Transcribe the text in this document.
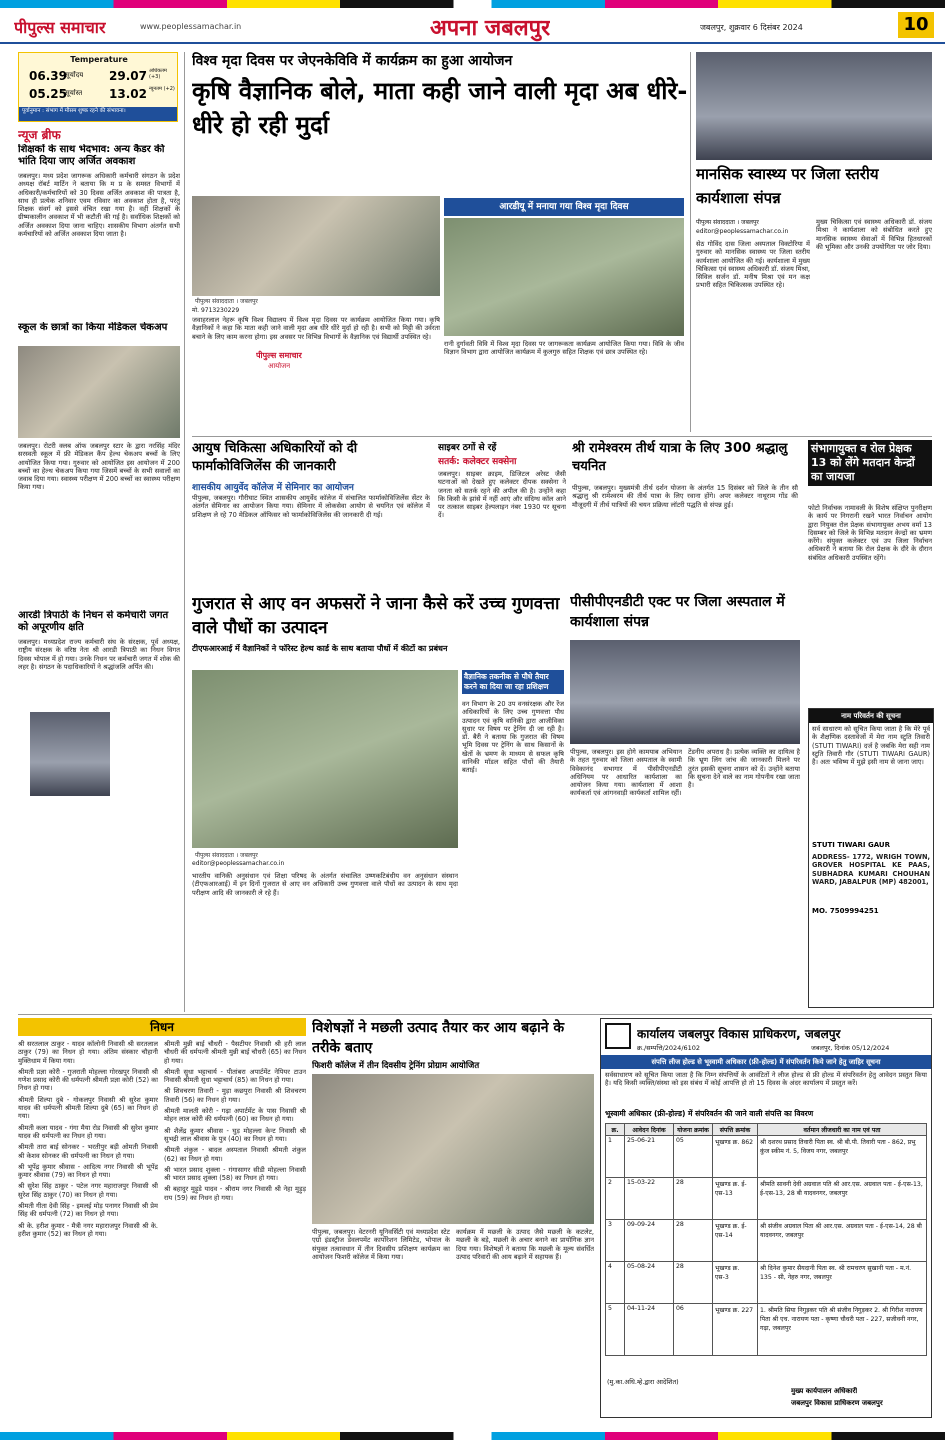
पीपुल्स समाचार	www.peoplessamachar.in	अपना जबलपुर	जबलपुर, शुक्रवार 6 दिसंबर 2024	10
Temperature
06.39
सूर्योदय 29.07 अधिकतम (+3)
05.25
सूर्यास्त 13.02 न्यूनतम (+2)
पूर्वानुमान : संभाग में मौसम शुष्क रहने की संभावना।
न्यूज ब्रीफ
शिक्षकों के साथ भेदभाव: अन्य कैडर की भांति दिया जाए अर्जित अवकाश
जबलपुर। मध्य प्रदेश जागरूक अधिकारी कर्मचारी संगठन के प्रदेश अध्यक्ष रॉबर्ट मार्टिन ने बताया कि म प्र के समस्त विभागों में अधिकारी/कर्मचारियों को 30 दिवस अर्जित अवकाश की पात्रता है, साथ ही प्रत्येक शनिवार एवम रविवार का अवकाश होता है, परंतु शिक्षक संवर्ग को इससे वंचित रखा गया है। वहीं शिक्षकों के ग्रीष्मकालीन अवकाश में भी कटौती की गई है। सर्वाधिक शिक्षकों को अर्जित अवकाश दिया जाना चाहिए। शासकीय विभाग अंतर्गत सभी कर्मचारियों को अर्जित अवकाश दिया जाता है।
स्कूल के छात्रों का किया मेडिकल चेकअप
जबलपुर। रोटरी क्लब ऑफ जबलपुर स्टार के द्वारा नरसिंह मंदिर सरस्वती स्कूल में फ्री मेडिकल कैंप हेल्थ चेकअप बच्चों के लिए आयोजित किया गया। गुरुवार को आयोजित इस आयोजन में 200 बच्चों का हेल्थ चेकअप किया गया जिसमें बच्चों के सभी सवालों का जवाब दिया गया। स्वास्थ्य परीक्षण में 200 बच्चों का स्वास्थ्य परीक्षण किया गया।
आरडी त्रिपाठी के निधन से कर्मचारी जगत को अपूरणीय क्षति
जबलपुर। मध्यप्रदेश राज्य कर्मचारी संघ के संरक्षक, पूर्व अध्यक्ष, राष्ट्रीय संरक्षक के वरिष्ठ नेता श्री आरडी त्रिपाठी का निधन विगत दिवस भोपाल में हो गया। उनके निधन पर कर्मचारी जगत में शोक की लहर है। संगठन के पदाधिकारियों ने श्रद्धांजलि अर्पित की।
विश्व मृदा दिवस पर जेएनकेविवि में कार्यक्रम का हुआ आयोजन
कृषि वैज्ञानिक बोले, माता कही जाने वाली मृदा अब धीरे-धीरे हो रही मुर्दा
पीपुल्स संवाददाता । जबलपुर
आरडीयू में मनाया गया विश्व मृदा दिवस
मो. 9713230229
जवाहरलाल नेहरू कृषि विश्व विद्यालय में विश्व मृदा दिवस पर कार्यक्रम आयोजित किया गया। कृषि वैज्ञानिकों ने कहा कि माता कही जाने वाली मृदा अब धीरे धीरे मुर्दा हो रही है। सभी को मिट्टी की उर्वरता बचाने के लिए काम करना होगा। इस अवसर पर विभिन्न विभागों के वैज्ञानिक एवं विद्यार्थी उपस्थित रहे।
पीपुल्स समाचार
आयोजन
रानी दुर्गावती विवि में विश्व मृदा दिवस पर जागरूकता कार्यक्रम आयोजित किया गया। विवि के जीव विज्ञान विभाग द्वारा आयोजित कार्यक्रम में कुलगुरु सहित शिक्षक एवं छात्र उपस्थित रहे।
मानसिक स्वास्थ्य पर जिला स्तरीय कार्यशाला संपन्न
पीपुल्स संवाददाता । जबलपुर
editor@peoplessamachar.co.in
सेठ गोविंद दास जिला अस्पताल विक्टोरिया में गुरुवार को मानसिक स्वास्थ्य पर जिला स्तरीय कार्यशाला आयोजित की गई। कार्यशाला में मुख्य चिकित्सा एवं स्वास्थ्य अधिकारी डॉ. संजय मिश्रा, सिविल सर्जन डॉ. मनीष मिश्रा एवं मन कक्ष प्रभारी सहित चिकित्सक उपस्थित रहे।
मुख्य चिकित्सा एवं स्वास्थ्य अधिकारी डॉ. संजय मिश्रा ने कार्यशाला को संबोधित करते हुए मानसिक स्वास्थ्य सेवाओं में विभिन्न हितधारकों की भूमिका और उनकी उपयोगिता पर जोर दिया।
आयुष चिकित्सा अधिकारियों को दी फार्माकोविजिलेंस की जानकारी
शासकीय आयुर्वेद कॉलेज में सेमिनार का आयोजन
पीपुल्स, जबलपुर। गौरीघाट स्थित शासकीय आयुर्वेद कॉलेज में संचालित फार्माकोविजिलेंस सेंटर के अंतर्गत सेमिनार का आयोजन किया गया। सेमिनार में लोकसेवा आयोग से चयनित एवं कॉलेज में प्रशिक्षण ले रहे 70 मेडिकल ऑफिसर को फार्माकोविजिलेंस की जानकारी दी गई।
साइबर ठगों से रहें
सतर्क: कलेक्टर सक्सेना
जबलपुर। साइबर क्राइम, डिजिटल अरेस्ट जैसी घटनाओं को देखते हुए कलेक्टर दीपक सक्सेना ने जनता को सतर्क रहने की अपील की है। उन्होंने कहा कि किसी के झांसे में नहीं आएं और संदिग्ध कॉल आने पर तत्काल साइबर हेल्पलाइन नंबर 1930 पर सूचना दें।
श्री रामेश्वरम तीर्थ यात्रा के लिए 300 श्रद्धालु चयनित
पीपुल्स, जबलपुर। मुख्यमंत्री तीर्थ दर्शन योजना के अंतर्गत 15 दिसंबर को जिले के तीन सौ श्रद्धालु श्री रामेश्वरम की तीर्थ यात्रा के लिए रवाना होंगे। अपर कलेक्टर नाथूराम गोंड की मौजूदगी में तीर्थ यात्रियों की चयन प्रक्रिया लॉटरी पद्धति से संपन्न हुई।
संभागायुक्त व रोल प्रेक्षक 13 को लेंगे मतदान केन्द्रों का जायजा
फोटो निर्वाचक नामावली के विशेष संक्षिप्त पुनरीक्षण के कार्य पर निगरानी रखने भारत निर्वाचन आयोग द्वारा नियुक्त रोल प्रेक्षक संभागायुक्त अभय वर्मा 13 दिसम्बर को जिले के विभिन्न मतदान केन्द्रों का भ्रमण करेंगे। संयुक्त कलेक्टर एवं उप जिला निर्वाचन अधिकारी ने बताया कि रोल प्रेक्षक के दौरे के दौरान संबंधित अधिकारी उपस्थित रहेंगे।
नाम परिवर्तन की सूचना
सर्व साधारण को सूचित किया जाता है कि मेरे पूर्व के शैक्षणिक दस्तावेजों में मेरा नाम स्टुति तिवारी (STUTI TIWARI) दर्ज है जबकि मेरा सही नाम स्टुति तिवारी गौर (STUTI TIWARI GAUR) है। अतः भविष्य में मुझे इसी नाम से जाना जाए।
STUTI TIWARI GAUR
ADDRESS- 1772, WRIGH TOWN, GROVER HOSPITAL KE PAAS, SUBHADRA KUMARI CHOUHAN WARD, JABALPUR (MP) 482001,
MO. 7509994251
गुजरात से आए वन अफसरों ने जाना कैसे करें उच्च गुणवत्ता वाले पौधों का उत्पादन
टीएफआरआई में वैज्ञानिकों ने फॉरेस्ट हेल्थ कार्ड के साथ बताया पौधों में कीटों का प्रबंधन
पीपुल्स संवाददाता । जबलपुर
editor@peoplessamachar.co.in
वैज्ञानिक तकनीक से पौधे तैयार करने का दिया जा रहा प्रशिक्षण
वन विभाग के 20 उप वनसंरक्षक और रेंज अधिकारियों के लिए उच्च गुणवत्ता पौध उत्पादन एवं कृषि वानिकी द्वारा आजीविका सुधार पर विषय पर ट्रेनिंग दी जा रही है। डॉ. बैरी ने बताया कि गुजरात की विषम भूमि दिवस पर ट्रेनिंग के साथ किसानों के खेतों के भ्रमण के माध्यम से सफल कृषि वानिकी मॉडल सहित पौधों की तैयारी बताई।
भारतीय वानिकी अनुसंधान एवं शिक्षा परिषद के अंतर्गत संचालित उष्णकटिबंधीय वन अनुसंधान संस्थान (टीएफआरआई) में इन दिनों गुजरात से आए वन अधिकारी उच्च गुणवत्ता वाले पौधों का उत्पादन के साथ मृदा परीक्षण आदि की जानकारी ले रहे हैं।
पीसीपीएनडीटी एक्ट पर जिला अस्पताल में कार्यशाला संपन्न
पीपुल्स, जबलपुर। इस होगे कामयाब अभियान के तहत गुरुवार को जिला अस्पताल के स्वामी विवेकानंद सभागार में पीसीपीएनडीटी अधिनियम पर आधारित कार्यशाला का आयोजन किया गया। कार्यशाला में आशा कार्यकर्ता एवं आंगनवाड़ी कार्यकर्ता शामिल रहीं।
टेंडनीय अपराध है। प्रत्येक व्यक्ति का दायित्व है कि भ्रूण लिंग जांच की जानकारी मिलने पर तुरंत इसकी सूचना शासन को दें। उन्होंने बताया कि सूचना देने वाले का नाम गोपनीय रखा जाता है।
निधन
श्री सरतलाल ठाकुर - यादव कॉलोनी निवासी श्री सरतलाल ठाकुर (79) का निधन हो गया। अंतिम संस्कार चौहानी मुक्तिधाम में किया गया।
श्रीमती प्रज्ञा कोरी - गुजराती मोहल्ला गोरखपुर निवासी श्री गणेश प्रसाद कोरी की धर्मपत्नी श्रीमती प्रज्ञा कोरी (52) का निधन हो गया।
श्रीमती शिल्पा दुबे - गोकलपुर निवासी श्री सुरेश कुमार यादव की धर्मपत्नी श्रीमती शिल्पा दुबे (65) का निधन हो गया।
श्रीमती कला यादव - गंगा मैया रोड निवासी श्री सुरेश कुमार यादव की धर्मपत्नी का निधन हो गया।
श्रीमती तारा बाई सोनकर - भरतीपुर बड़ी ओमती निवासी श्री केशव सोनकर की धर्मपत्नी का निधन हो गया।
श्री भूपेंद्र कुमार श्रीवास - आदित्य नगर निवासी श्री भूपेंद्र कुमार श्रीवास (79) का निधन हो गया।
श्री सुरेश सिंह ठाकुर - पटेल नगर महाराजपुर निवासी श्री सुरेश सिंह ठाकुर (70) का निधन हो गया।
श्रीमती गीता देवी सिंह - इमलई मोड़ पनागर निवासी श्री प्रेम सिंह की धर्मपत्नी (72) का निधन हो गया।
श्री के. हरीश कुमार - मैत्री नगर महाराजपुर निवासी श्री के. हरीश कुमार (52) का निधन हो गया।
श्रीमती मुन्नी बाई चौधरी - पैसटीयर निवासी श्री हरी लाल चौधरी की धर्मपत्नी श्रीमती मुन्नी बाई चौधरी (65) का निधन हो गया।
श्रीमती सुधा भट्टाचार्य - पीतांबरा अपार्टमेंट नेपियर टाउन निवासी श्रीमती सुधा भट्टाचार्य (85) का निधन हो गया।
श्री शिवचरण तिवारी - मुड़ा कछपुरा निवासी श्री शिवचरण तिवारी (56) का निधन हो गया।
श्रीमती मालती कोरी - गढ़ा अपार्टमेंट के पास निवासी श्री मोहन लाल कोरी की धर्मपत्नी (60) का निधन हो गया।
श्री शैलेंद्र कुमार श्रीवास - घुड़ मोहल्ला केन्ट निवासी श्री सुभद्री लाल श्रीवास के पुत्र (40) का निधन हो गया।
श्रीमती शंकुल - बादल अस्पताल निवासी श्रीमती शंकुल (62) का निधन हो गया।
श्री भारत प्रसाद शुक्ला - गंगासागर सीडी मोहल्ला निवासी श्री भारत प्रसाद शुक्ला (58) का निधन हो गया।
श्री बहादुर मुड़ुडे यादव - श्रीराम नगर निवासी श्री नेहा मुड़ुड़ राय (59) का निधन हो गया।
विशेषज्ञों ने मछली उत्पाद तैयार कर आय बढ़ाने के तरीके बताए
फिशरी कॉलेज में तीन दिवसीय ट्रेनिंग प्रोग्राम आयोजित
पीपुल्स, जबलपुर। वेटरनरी यूनिवर्सिटी एवं मध्यप्रदेश स्टेट एग्रो इंडस्ट्रीज डेवलपमेंट कार्पोरेशन लिमिटेड, भोपाल के संयुक्त तत्वावधान में तीन दिवसीय प्रशिक्षण कार्यक्रम का आयोजन फिशरी कॉलेज में किया गया।
कार्यक्रम में मछली के उत्पाद जैसे मछली के कटलेट, मछली के बड़े, मछली के अचार बनाने का प्रायोगिक ज्ञान दिया गया। विशेषज्ञों ने बताया कि मछली के मूल्य संवर्धित उत्पाद परिवारों की आय बढ़ाने में सहायक हैं।
कार्यालय जबलपुर विकास प्राधिकरण, जबलपुर
क्र./सम्पत्ति/2024/6102	जबलपुर, दिनांक 05/12/2024
संपत्ति लीज होल्ड से भूस्वामी अधिकार (फ्री-होल्ड) में संपरिवर्तन किये जाने हेतु जाहिर सूचना
सर्वसाधारण को सूचित किया जाता है कि निम्न संपत्तियों के आवंटितों ने लीज होल्ड से फ्री होल्ड में संपरिवर्तन हेतु आवेदन प्रस्तुत किया है। यदि किसी व्यक्ति/संस्था को इस संबंध में कोई आपत्ति हो तो 15 दिवस के अंदर कार्यालय में प्रस्तुत करें।
भूस्वामी अधिकार (फ्री-होल्ड) में संपरिवर्तन की जाने वाली संपत्ति का विवरण
क्र.	आवेदन दिनांक	योजना क्रमांक	संपत्ति क्रमांक	वर्तमान लीजधारी का नाम एवं पता
1	25-06-21	05	भूखण्ड क्र. 862	श्री दशरथ प्रसाद तिवारी पिता स्व. श्री बी.पी. तिवारी पता - 862, प्रभु कुंज स्कीम नं. 5, विजय नगर, जबलपुर
2	15-03-22	28	भूखण्ड क्र. ई-एस-13	श्रीमति सावनी देवी अग्रवाल पति श्री आर.एस. अग्रवाल पता - ई-एस-13, ई-एस-13, 28 बी यादवनगर, जबलपुर
3	09-09-24	28	भूखण्ड क्र. ई-एस-14	श्री संजीव अग्रवाल पिता श्री आर.एस. अग्रवाल पता - ई-एस-14, 28 बी यादवनगर, जबलपुर
4	05-08-24	28	भूखण्ड क्र. एस-3	श्री दिनेश कुमार सैयदानी पिता स्व. श्री रामचरण सुखानी पता - म.नं. 135 - सी, नेहरु नगर, जबलपुर
5	04-11-24	06	भूखण्ड क्र. 227	1. श्रीमति सिया निगुड़कर पति श्री संजीव निगुड़कर 2. श्री गिरीश नारायण पिता श्री एच. नारायण पता - कृष्णा चौधरी पता - 227, सजीवनी नगर, गढ़ा, जबलपुर
(मु.का.अधि.म्हे.द्वारा आदेशित)
मुख्य कार्यपालन अधिकारी
जबलपुर विकास प्राधिकरण जबलपुर
